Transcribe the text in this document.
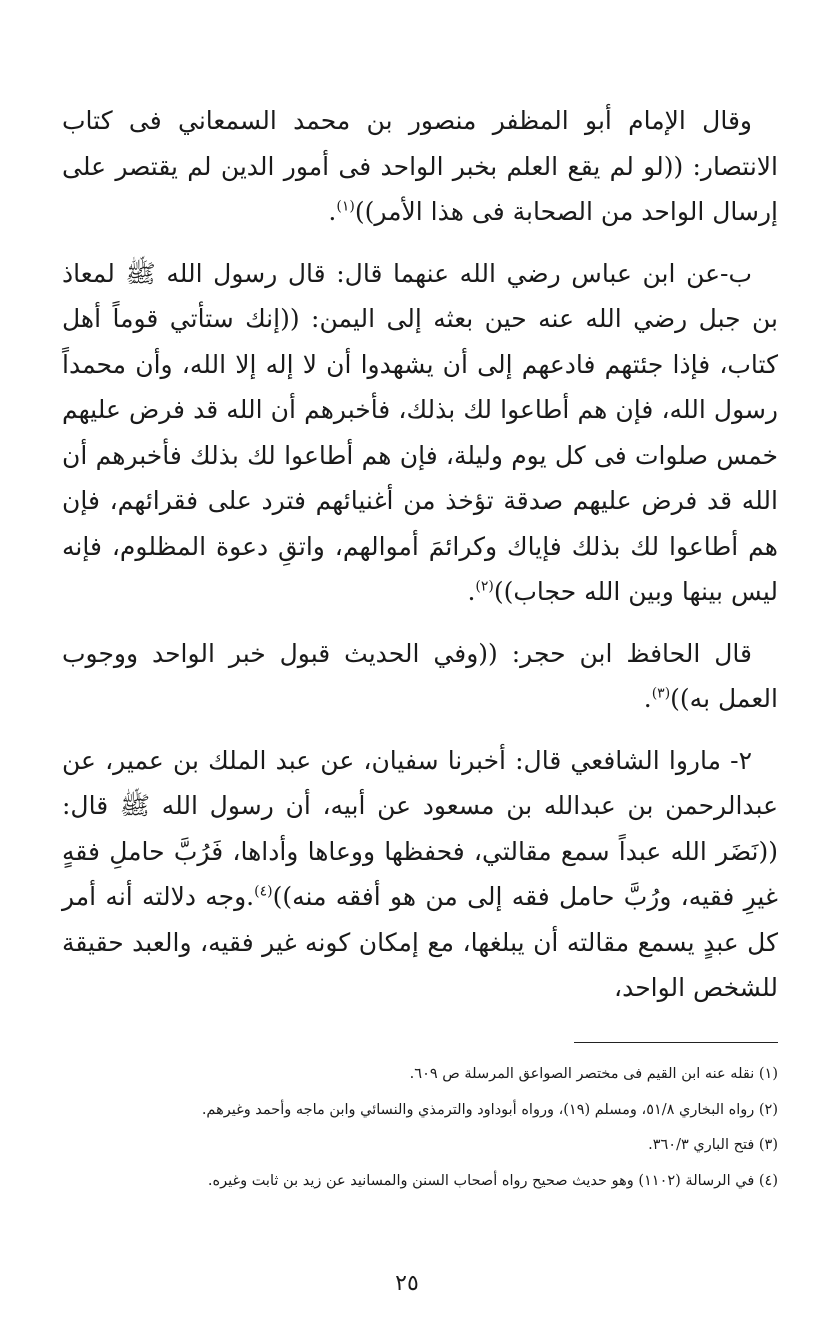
وقال الإمام أبو المظفر منصور بن محمد السمعاني فى كتاب الانتصار: ((لو لم يقع العلم بخبر الواحد فى أمور الدين لم يقتصر على إرسال الواحد من الصحابة فى هذا الأمر))$^{(١)}$.

ب-عن ابن عباس رضي الله عنهما قال: قال رسول الله ﷺ لمعاذ بن جبل رضي الله عنه حين بعثه إلى اليمن: ((إنك ستأتي قوماً أهل كتاب، فإذا جئتهم فادعهم إلى أن يشهدوا أن لا إله إلا الله، وأن محمداً رسول الله، فإن هم أطاعوا لك بذلك، فأخبرهم أن الله قد فرض عليهم خمس صلوات فى كل يوم وليلة، فإن هم أطاعوا لك بذلك فأخبرهم أن الله قد فرض عليهم صدقة تؤخذ من أغنيائهم فترد على فقرائهم، فإن هم أطاعوا لك بذلك فإياك وكرائمَ أموالهم، واتقِ دعوة المظلوم، فإنه ليس بينها وبين الله حجاب))$^{(٢)}$.

قال الحافظ ابن حجر: ((وفي الحديث قبول خبر الواحد ووجوب العمل به))$^{(٣)}$.

٢- ماروا الشافعي قال: أخبرنا سفيان، عن عبد الملك بن عمير، عن عبدالرحمن بن عبدالله بن مسعود عن أبيه، أن رسول الله ﷺ قال: ((نَضَر الله عبداً سمع مقالتي، فحفظها ووعاها وأداها، فَرُبَّ حاملِ فقهٍ غيرِ فقيه، ورُبَّ حامل فقه إلى من هو أفقه منه))$^{(٤)}$.وجه دلالته أنه أمر كل عبدٍ يسمع مقالته أن يبلغها، مع إمكان كونه غير فقيه، والعبد حقيقة للشخص الواحد،

(١) نقله عنه ابن القيم فى مختصر الصواعق المرسلة ص ٦٠٩.

(٢) رواه البخاري ٥١/٨، ومسلم (١٩)، ورواه أبوداود والترمذي والنسائي وابن ماجه وأحمد وغيرهم.

(٣) فتح الباري ٣٦٠/٣.

(٤) في الرسالة (١١٠٢) وهو حديث صحيح رواه أصحاب السنن والمسانيد عن زيد بن ثابت وغيره.

٢٥
